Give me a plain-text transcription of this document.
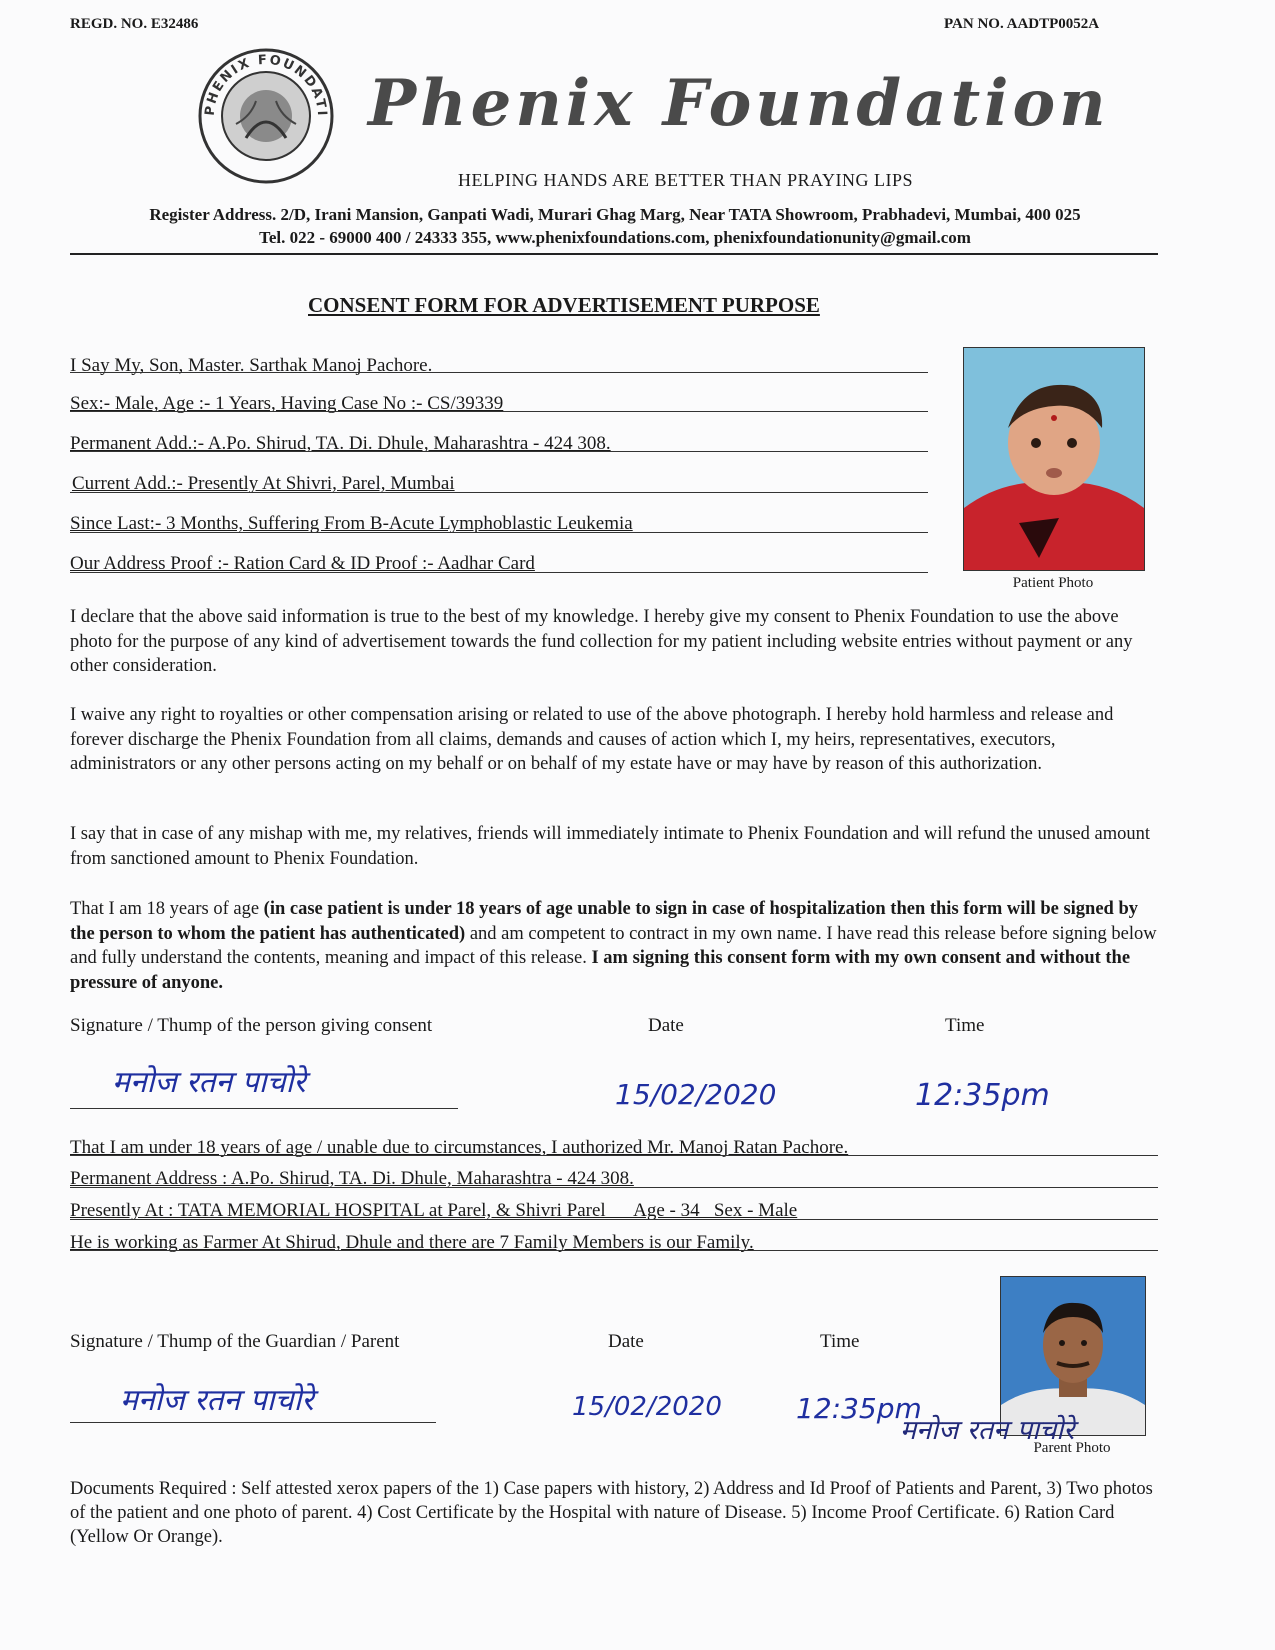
REGD. NO. E32486	PAN NO. AADTP0052A
PHENIX FOUNDATI Phenix Foundation
HELPING HANDS ARE BETTER THAN PRAYING LIPS
Register Address. 2/D, Irani Mansion, Ganpati Wadi, Murari Ghag Marg, Near TATA Showroom, Prabhadevi, Mumbai, 400 025
Tel. 022 - 69000 400 / 24333 355, www.phenixfoundations.com, phenixfoundationunity@gmail.com
CONSENT FORM FOR ADVERTISEMENT PURPOSE
I Say My, Son, Master. Sarthak Manoj Pachore.
Sex:- Male, Age :- 1 Years, Having Case No :- CS/39339
Permanent Add.:- A.Po. Shirud, TA. Di. Dhule, Maharashtra - 424 308.
Current Add.:- Presently At Shivri, Parel, Mumbai
Since Last:- 3 Months, Suffering From B-Acute Lymphoblastic Leukemia
Our Address Proof :- Ration Card & ID Proof :- Aadhar Card
Patient Photo
I declare that the above said information is true to the best of my knowledge. I hereby give my consent to Phenix Foundation to use the above photo for the purpose of any kind of advertisement towards the fund collection for my patient including website entries without payment or any other consideration.
I waive any right to royalties or other compensation arising or related to use of the above photograph. I hereby hold harmless and release and forever discharge the Phenix Foundation from all claims, demands and causes of action which I, my heirs, representatives, executors, administrators or any other persons acting on my behalf or on behalf of my estate have or may have by reason of this authorization.
I say that in case of any mishap with me, my relatives, friends will immediately intimate to Phenix Foundation and will refund the unused amount from sanctioned amount to Phenix Foundation.
That I am 18 years of age (in case patient is under 18 years of age unable to sign in case of hospitalization then this form will be signed by the person to whom the patient has authenticated) and am competent to contract in my own name. I have read this release before signing below and fully understand the contents, meaning and impact of this release. I am signing this consent form with my own consent and without the pressure of anyone.
Signature / Thump of the person giving consent	Date	Time
मनोज रतन पाचोरे	15/02/2020	12:35pm
That I am under 18 years of age / unable due to circumstances, I authorized Mr. Manoj Ratan Pachore.
Permanent Address : A.Po. Shirud, TA. Di. Dhule, Maharashtra - 424 308.
Presently At : TATA MEMORIAL HOSPITAL at Parel, & Shivri Parel      Age - 34   Sex - Male
He is working as Farmer At Shirud, Dhule and there are 7 Family Members is our Family.
Signature / Thump of the Guardian / Parent	Date	Time
मनोज रतन पाचोरे	15/02/2020	12:35pm
मनोज रतन पाचोरे
Parent Photo
Documents Required : Self attested xerox papers of the 1) Case papers with history, 2) Address and Id Proof of Patients and Parent, 3) Two photos of the patient and one photo of parent. 4) Cost Certificate by the Hospital with nature of Disease. 5) Income Proof Certificate. 6) Ration Card (Yellow Or Orange).
